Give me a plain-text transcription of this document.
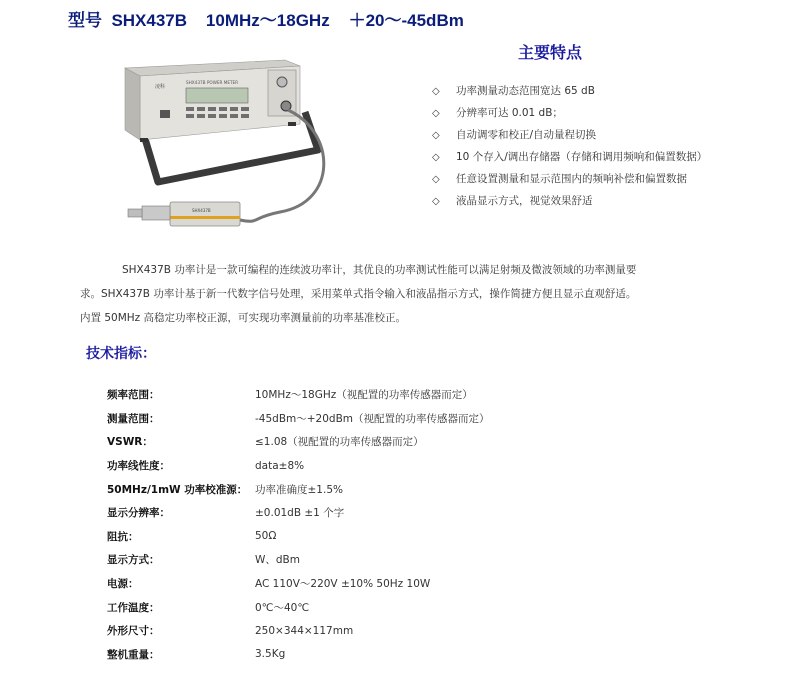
型号  SHX437B    10MHz～18GHz    ＋20～-45dBm
凌科
SHX437B POWER METER
SHX437B
主要特点
◇ 功率测量动态范围宽达 65 dB
◇ 分辨率可达 0.01 dB；
◇ 自动调零和校正/自动量程切换
◇ 10 个存入/调出存储器（存储和调用频响和偏置数据）
◇ 任意设置测量和显示范围内的频响补偿和偏置数据
◇ 液晶显示方式，视觉效果舒适
SHX437B 功率计是一款可编程的连续波功率计，其优良的功率测试性能可以满足射频及微波领域的功率测量要
求。SHX437B 功率计基于新一代数字信号处理，采用菜单式指令输入和液晶指示方式，操作简捷方便且显示直观舒适。
内置 50MHz 高稳定功率校正源，可实现功率测量前的功率基准校正。
技术指标：
频率范围：	10MHz～18GHz（视配置的功率传感器而定）
测量范围：	-45dBm～+20dBm（视配置的功率传感器而定）
VSWR：	≤1.08（视配置的功率传感器而定）
功率线性度：	data±8%
50MHz/1mW 功率校准源： 功率准确度±1.5%
显示分辨率：	±0.01dB ±1 个字
阻抗：	50Ω
显示方式：	W、dBm
电源：	AC 110V～220V ±10% 50Hz 10W
工作温度：	0℃～40℃
外形尺寸：	250×344×117mm
整机重量：	3.5Kg
